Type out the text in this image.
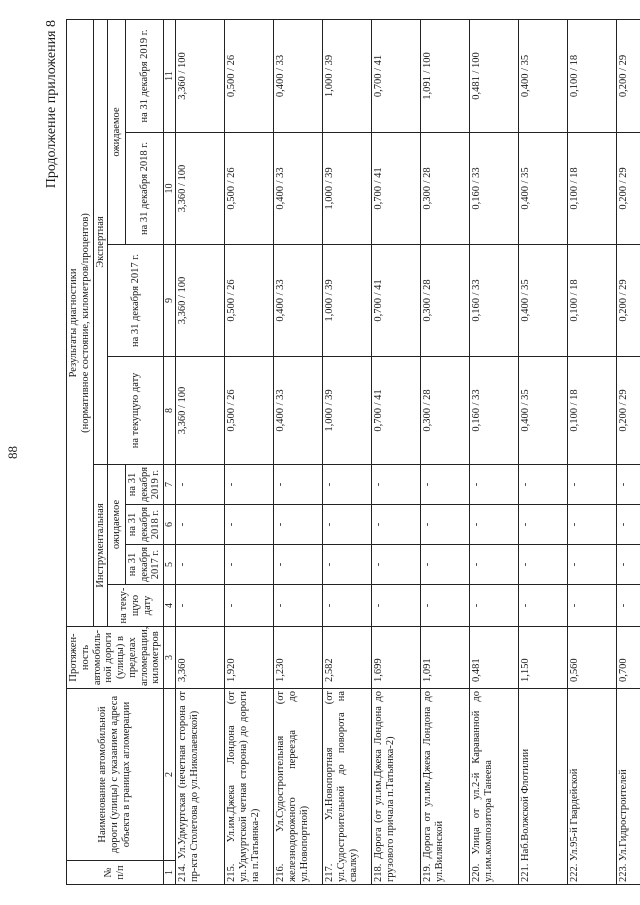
88
Продолжение приложения 8
№ п/п	Наименование автомобильной дороги (улицы) с указанием адреса объекта в границах агломерации	Протяжен-ность автомобиль-ной дороги (улицы) в пределах агломерации, километров	Результаты диагностики (нормативное состояние, километров/процентов)							

			Инструментальная				Экспертная			
			на теку-щую дату	ожидаемое			на текущую дату	на 31 декабря 2017 г.	ожидаемое	
				на 31 декабря 2017 г.	на 31 декабря 2018 г.	на 31 декабря 2019 г.			на 31 декабря 2018 г.	на 31 декабря 2019 г.
1	2	3	4	5	6	7	8	9	10	11
214. Ул.Удмуртская (нечетная сторона от пр-кта Столетова до ул.Николаевской)		3,360	-	-	-	-	3,360 / 100	3,360 / 100	3,360 / 100	3,360 / 100
215. Ул.им.Джека Лондона (от ул.Удмуртской четная сторона) до дороги на п.Татьянка-2)		1,920	-	-	-	-	0,500 / 26	0,500 / 26	0,500 / 26	0,500 / 26
216. Ул.Судостроительная (от железнодорожного переезда до ул.Новопортной)		1,230	-	-	-	-	0,400 / 33	0,400 / 33	0,400 / 33	0,400 / 33
217. Ул.Новопортная (от ул.Судостроительной до поворота на свалку)		2,582	-	-	-	-	1,000 / 39	1,000 / 39	1,000 / 39	1,000 / 39
218. Дорога (от ул.им.Джека Лондона до грузового причала п.Татьянка-2)		1,699	-	-	-	-	0,700 / 41	0,700 / 41	0,700 / 41	0,700 / 41
219. Дорога от ул.им.Джека Лондона до ул.Вилянской		1,091	-	-	-	-	0,300 / 28	0,300 / 28	0,300 / 28	1,091 / 100
220. Улица от ул.2-й Караванной до ул.им.композитора Танеева		0,481	-	-	-	-	0,160 / 33	0,160 / 33	0,160 / 33	0,481 / 100
221. Наб.Волжской Флотилии		1,150	-	-	-	-	0,400 / 35	0,400 / 35	0,400 / 35	0,400 / 35
222. Ул.95-й Гвардейской		0,560	-	-	-	-	0,100 / 18	0,100 / 18	0,100 / 18	0,100 / 18
223. Ул.Гидростроителей		0,700	-	-	-	-	0,200 / 29	0,200 / 29	0,200 / 29	0,200 / 29
